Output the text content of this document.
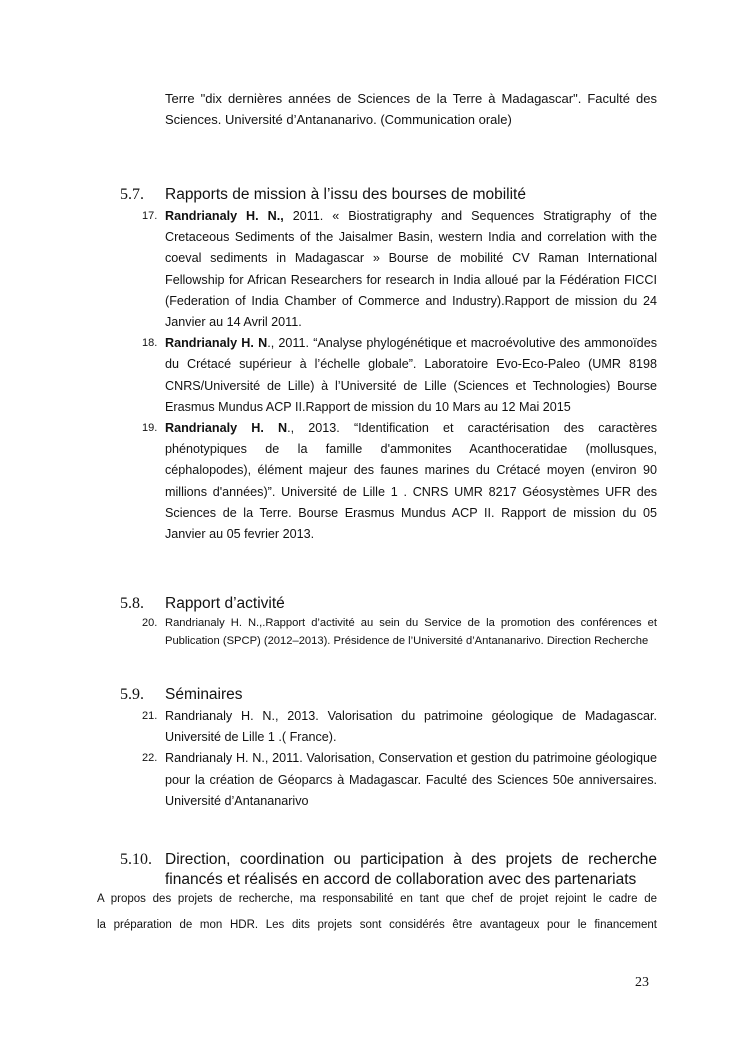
Terre "dix dernières années de Sciences de la Terre à Madagascar". Faculté des Sciences. Université d’Antananarivo. (Communication orale)
5.7. Rapports de mission à l’issu des bourses de mobilité
17. Randrianaly H. N., 2011. « Biostratigraphy and Sequences Stratigraphy of the Cretaceous Sediments of the Jaisalmer Basin, western India and correlation with the coeval sediments in Madagascar » Bourse de mobilité CV Raman International Fellowship for African Researchers for research in India alloué par la Fédération FICCI (Federation of India Chamber of Commerce and Industry).Rapport de mission du 24 Janvier au 14 Avril 2011.
18. Randrianaly H. N., 2011. “Analyse phylogénétique et macroévolutive des ammonoïdes du Crétacé supérieur à l’échelle globale”. Laboratoire Evo-Eco-Paleo (UMR 8198 CNRS/Université de Lille) à l’Université de Lille (Sciences et Technologies) Bourse Erasmus Mundus ACP II.Rapport de mission du 10 Mars au 12 Mai 2015
19. Randrianaly H. N., 2013. “Identification et caractérisation des caractères phénotypiques de la famille d'ammonites Acanthoceratidae (mollusques, céphalopodes), élément majeur des faunes marines du Crétacé moyen (environ 90 millions d'années)”. Université de Lille 1 . CNRS UMR 8217 Géosystèmes UFR des Sciences de la Terre. Bourse Erasmus Mundus ACP II. Rapport de mission du 05 Janvier au 05 fevrier 2013.
5.8. Rapport d’activité
20. Randrianaly H. N.,.Rapport d’activité au sein du Service de la promotion des conférences et Publication (SPCP) (2012–2013). Présidence de l’Université d’Antananarivo. Direction Recherche
5.9. Séminaires
21. Randrianaly H. N., 2013. Valorisation du patrimoine géologique de Madagascar. Université de Lille 1 .( France).
22. Randrianaly H. N., 2011. Valorisation, Conservation et gestion du patrimoine géologique pour la création de Géoparcs à Madagascar. Faculté des Sciences 50e anniversaires. Université d’Antananarivo
5.10. Direction, coordination ou participation à des projets de recherche financés et réalisés en accord de collaboration avec des partenariats
A propos des projets de recherche, ma responsabilité en tant que chef de projet rejoint le cadre de
la préparation de mon HDR. Les dits projets sont considérés être avantageux pour le financement
23
